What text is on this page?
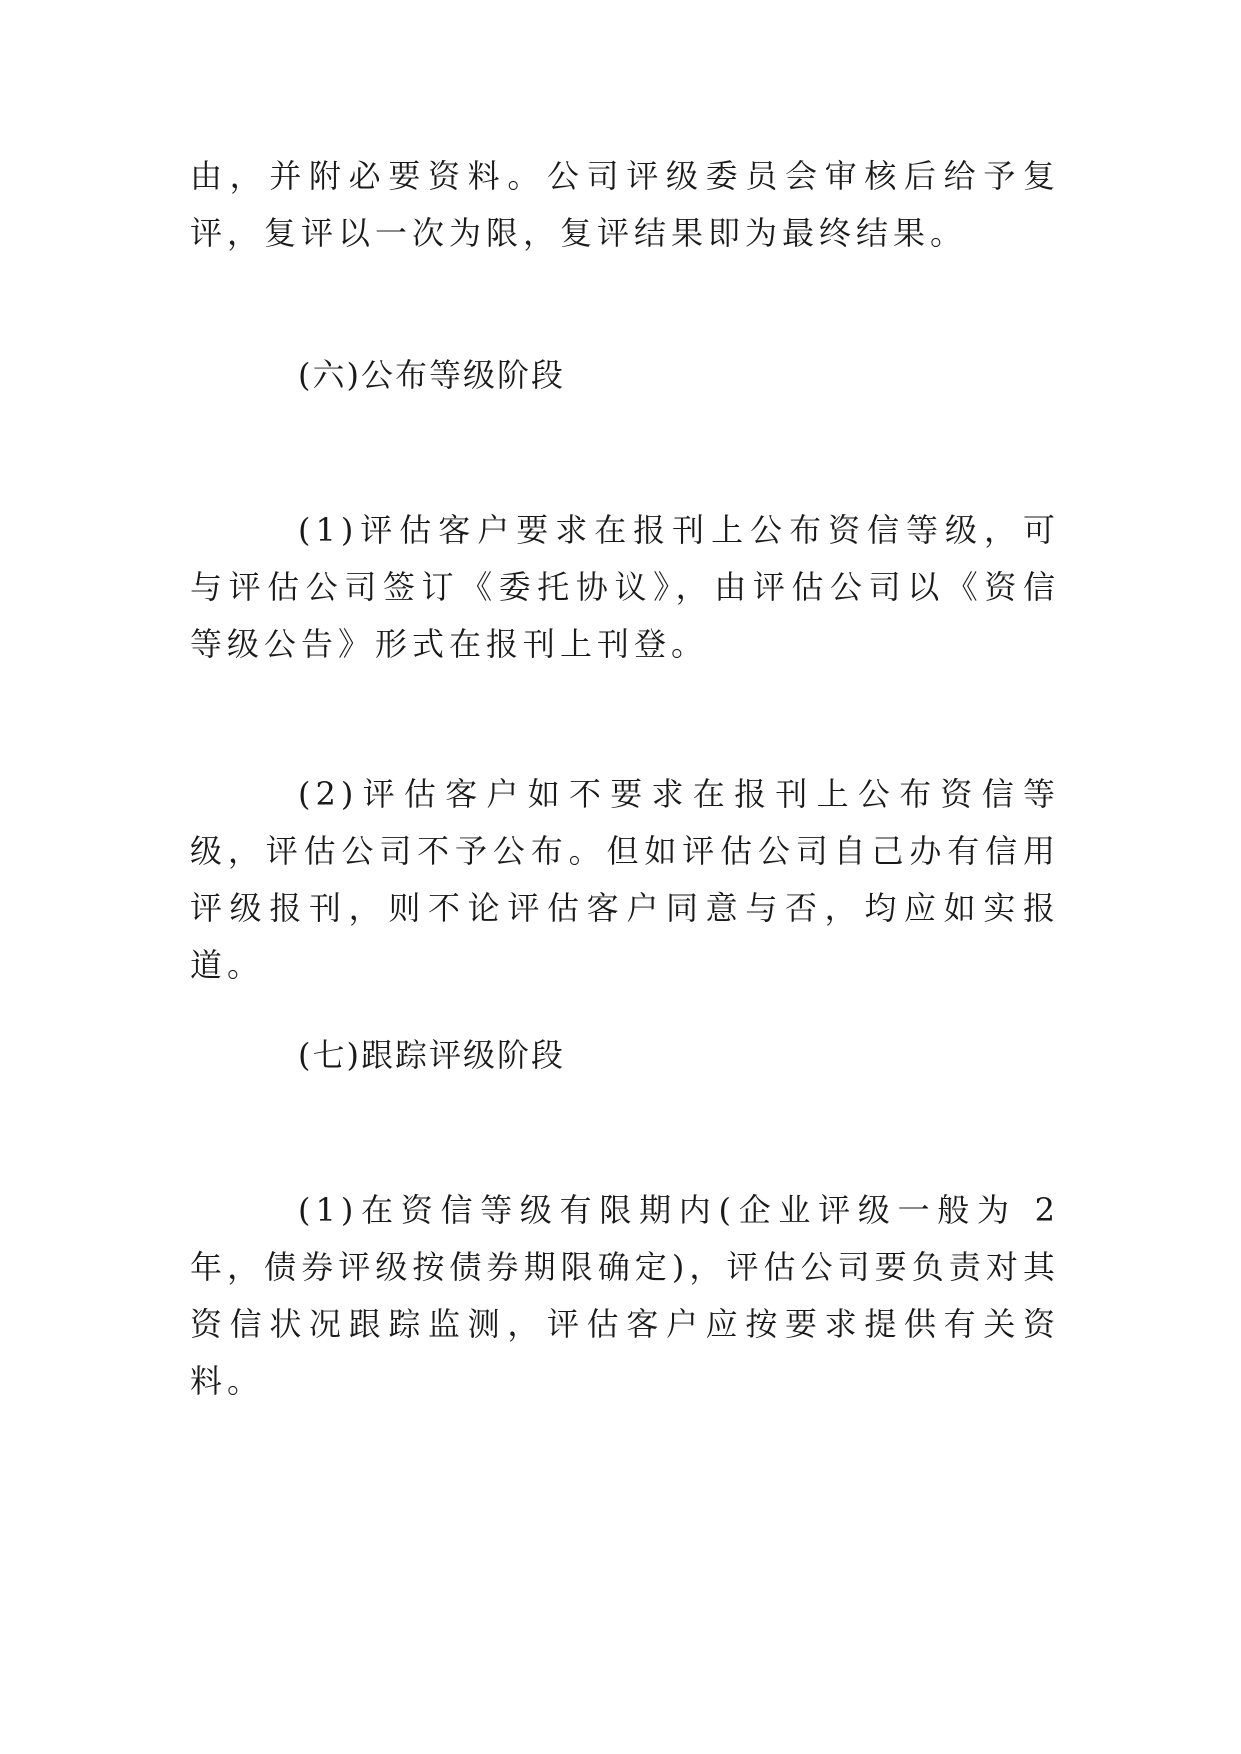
由，并附必要资料。公司评级委员会审核后给予复评，复评以一次为限，复评结果即为最终结果。

(六)公布等级阶段

(1)评估客户要求在报刊上公布资信等级，可与评估公司签订《委托协议》，由评估公司以《资信等级公告》形式在报刊上刊登。

(2)评估客户如不要求在报刊上公布资信等级，评估公司不予公布。但如评估公司自己办有信用评级报刊，则不论评估客户同意与否，均应如实报道。

(七)跟踪评级阶段

(1)在资信等级有限期内(企业评级一般为 2 年，债券评级按债券期限确定)，评估公司要负责对其资信状况跟踪监测，评估客户应按要求提供有关资料。
